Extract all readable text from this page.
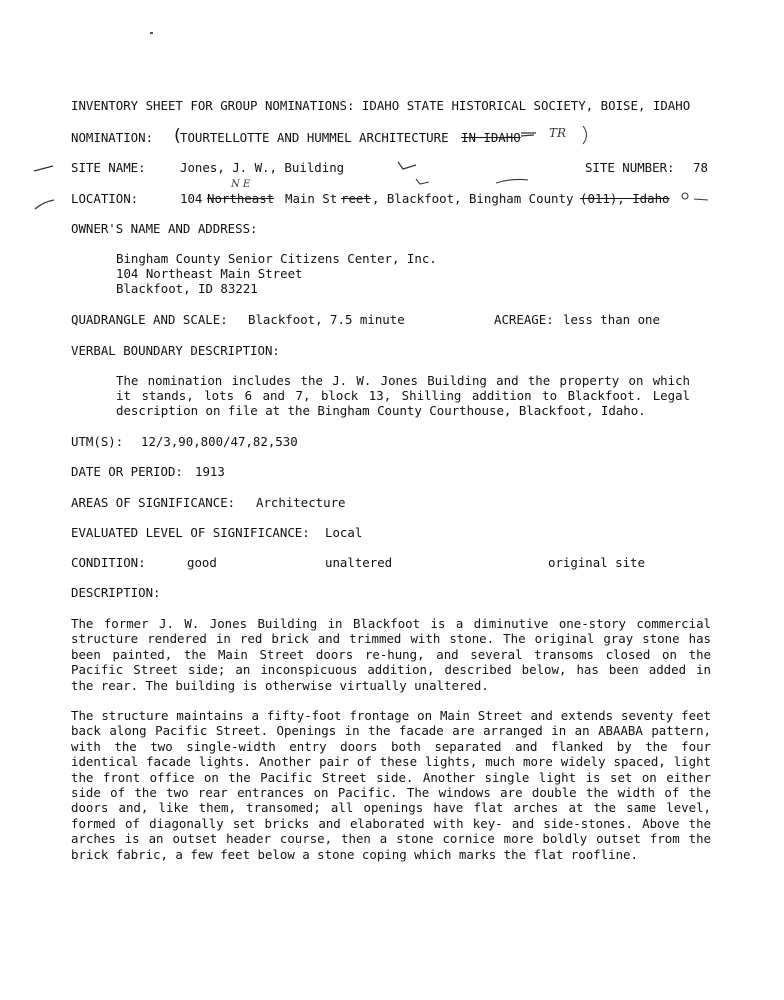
INVENTORY SHEET FOR GROUP NOMINATIONS: IDAHO STATE HISTORICAL SOCIETY, BOISE, IDAHO
NOMINATION: (
TOURTELLOTTE AND HUMMEL ARCHITECTURE IN IDAHO TR
SITE NAME:	Jones, J. W., Building	SITE NUMBER: 78
LOCATION:	104
N E
Northeast Main St reet , Blackfoot, Bingham County (011), Idaho
OWNER'S NAME AND ADDRESS:
Bingham County Senior Citizens Center, Inc.
104 Northeast Main Street
Blackfoot, ID 83221
QUADRANGLE AND SCALE: Blackfoot, 7.5 minute	ACREAGE: less than one
VERBAL BOUNDARY DESCRIPTION:
The nomination includes the J. W. Jones Building and the property on which it stands, lots 6 and 7, block 13, Shilling addition to Blackfoot. Legal description on file at the Bingham County Courthouse, Blackfoot, Idaho.
UTM(S): 12/3,90,800/47,82,530
DATE OR PERIOD: 1913
AREAS OF SIGNIFICANCE: Architecture
EVALUATED LEVEL OF SIGNIFICANCE: Local
CONDITION:	good	unaltered	original site
DESCRIPTION:
The former J. W. Jones Building in Blackfoot is a diminutive one-story commercial structure rendered in red brick and trimmed with stone. The original gray stone has been painted, the Main Street doors re-hung, and several transoms closed on the Pacific Street side; an inconspicuous addition, described below, has been added in the rear. The building is otherwise virtually unaltered.
The structure maintains a fifty-foot frontage on Main Street and extends seventy feet back along Pacific Street. Openings in the facade are arranged in an ABAABA pattern, with the two single-width entry doors both separated and flanked by the four identical facade lights. Another pair of these lights, much more widely spaced, light the front office on the Pacific Street side. Another single light is set on either side of the two rear entrances on Pacific. The windows are double the width of the doors and, like them, transomed; all openings have flat arches at the same level, formed of diagonally set bricks and elaborated with key- and side-stones. Above the arches is an outset header course, then a stone cornice more boldly outset from the brick fabric, a few feet below a stone coping which marks the flat roofline.
